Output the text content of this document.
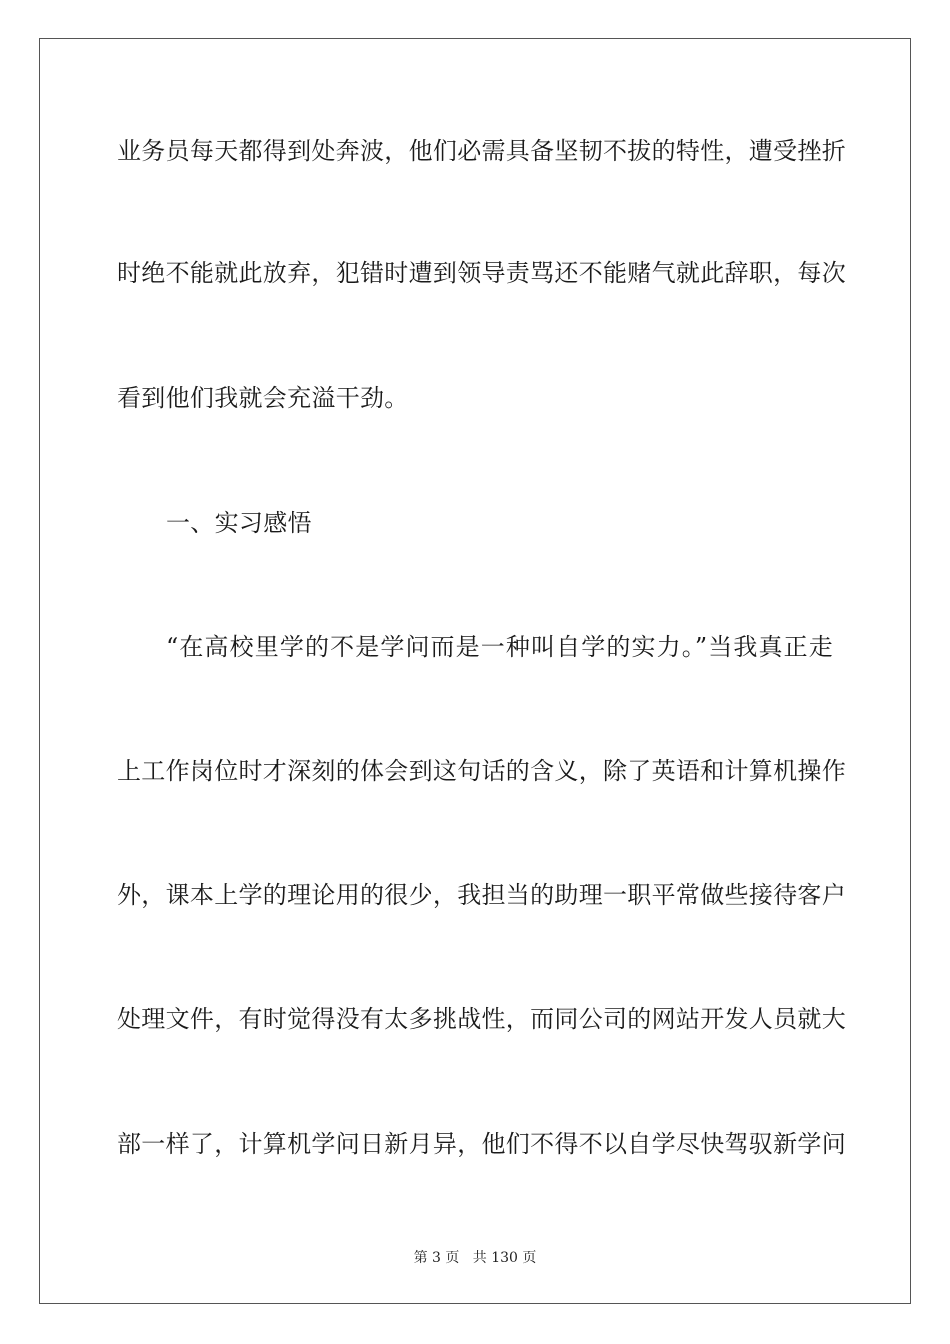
业务员每天都得到处奔波，他们必需具备坚韧不拔的特性，遭受挫折
时绝不能就此放弃，犯错时遭到领导责骂还不能赌气就此辞职，每次
看到他们我就会充溢干劲。
一、实习感悟
“在高校里学的不是学问而是一种叫自学的实力。”当我真正走
上工作岗位时才深刻的体会到这句话的含义，除了英语和计算机操作
外，课本上学的理论用的很少，我担当的助理一职平常做些接待客户
处理文件，有时觉得没有太多挑战性，而同公司的网站开发人员就大
部一样了，计算机学问日新月异，他们不得不以自学尽快驾驭新学问
第 3 页 共 130 页
